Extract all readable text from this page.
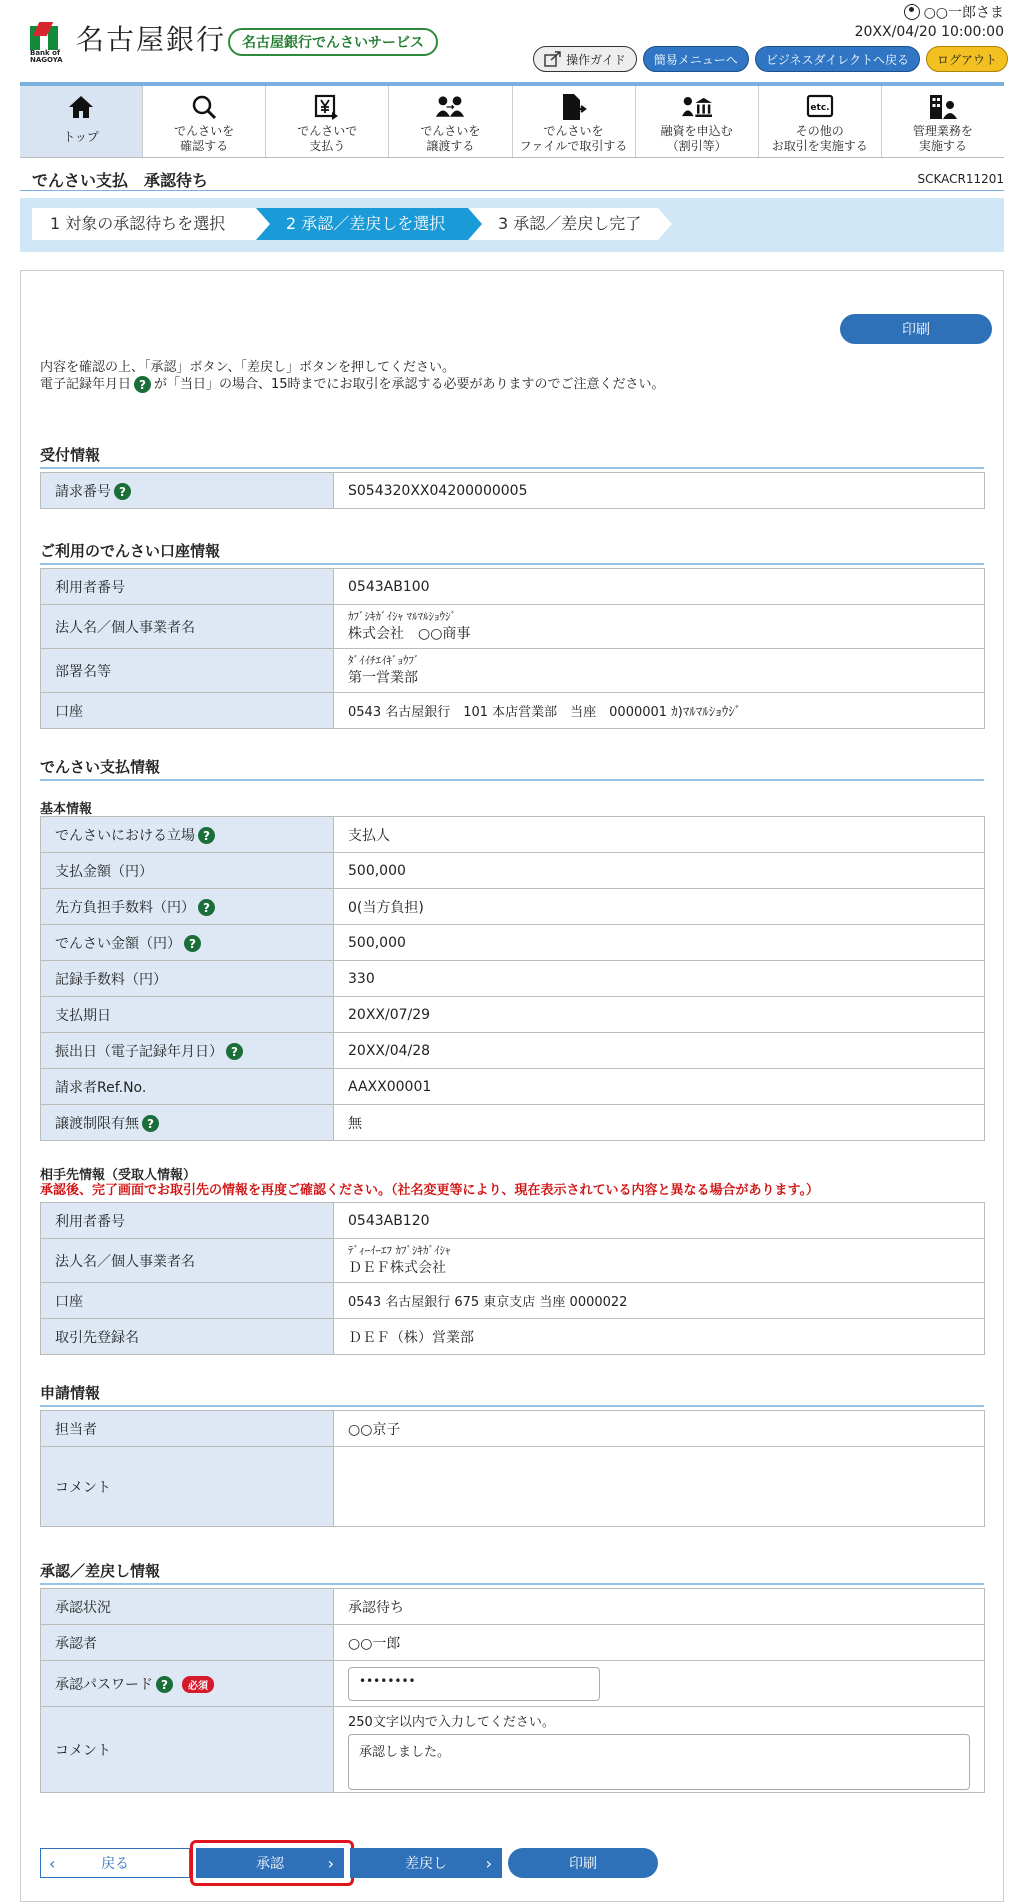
名古屋銀行
Bank of NAGOYA
名古屋銀行でんさいサービス
○○一郎さま
20XX/04/20 10:00:00
操作ガイド	簡易メニューへ	ビジネスダイレクトへ戻る	ログアウト
トップ	でんさいを
確認する
でんさいで
支払う
でんさいを
譲渡する
でんさいを
ファイルで取引する
融資を申込む
（割引等）
etc.
その他の
お取引を実施する
管理業務を
実施する
でんさい支払　承認待ち	SCKACR11201
1 対象の承認待ちを選択	2 承認／差戻しを選択	3 承認／差戻し完了
印刷
内容を確認の上、「承認」ボタン、「差戻し」ボタンを押してください。
電子記録年月日 ? が「当日」の場合、15時までにお取引を承認する必要がありますのでご注意ください。
受付情報
請求番号 ?	S054320XX04200000005
ご利用のでんさい口座情報
利用者番号	0543AB100
法人名／個人事業者名	ｶﾌﾞｼｷｶﾞｲｼｬ ﾏﾙﾏﾙｼｮｳｼﾞ
株式会社　○○商事

部署名等	ﾀﾞｲｲﾁｴｲｷﾞｮｳﾌﾞ
第一営業部

口座	0543 名古屋銀行　101 本店営業部　当座　0000001 ｶ)ﾏﾙﾏﾙｼｮｳｼﾞ
でんさい支払情報
基本情報
でんさいにおける立場 ?	支払人
支払金額（円）	500,000
先方負担手数料（円） ?	0(当方負担)
でんさい金額（円） ?	500,000
記録手数料（円）	330
支払期日	20XX/07/29
振出日（電子記録年月日） ?	20XX/04/28
請求者Ref.No.	AAXX00001
譲渡制限有無 ?	無
相手先情報（受取人情報）
承認後、完了画面でお取引先の情報を再度ご確認ください。（社名変更等により、現在表示されている内容と異なる場合があります。）
利用者番号	0543AB120
法人名／個人事業者名	ﾃﾞｨｰｲｰｴﾌ ｶﾌﾞｼｷｶﾞｲｼｬ
ＤＥＦ株式会社

口座	0543 名古屋銀行 675 東京支店 当座 0000022
取引先登録名	ＤＥＦ（株）営業部
申請情報
担当者	○○京子
コメント	
承認／差戻し情報
承認状況	承認待ち
承認者	○○一郎
承認パスワード ? 必須	••••••••

コメント	250文字以内で入力してください。
承認しました。
‹	戻る	承認	›	差戻し ›	印刷
